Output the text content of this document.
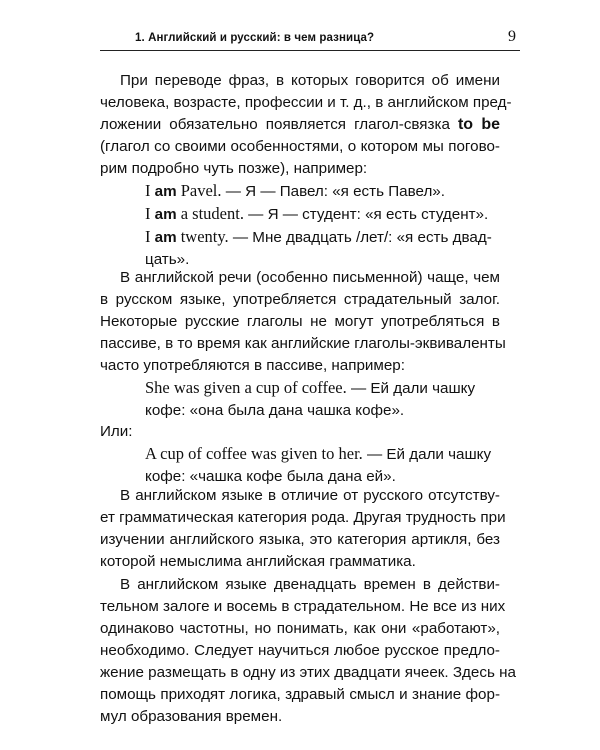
1. Английский и русский: в чем разница?	9
При переводе фраз, в которых говорится об имени
человека, возрасте, профессии и т. д., в английском пред-
ложении обязательно появляется глагол-связка to be
(глагол со своими особенностями, о котором мы погово-
рим подробно чуть позже), например:
I am Pavel. — Я — Павел: «я есть Павел».
I am a student. — Я — студент: «я есть студент».
I am twenty. — Мне двадцать /лет/: «я есть двад-
цать».
В английской речи (особенно письменной) чаще, чем
в русском языке, употребляется страдательный залог.
Некоторые русские глаголы не могут употребляться в
пассиве, в то время как английские глаголы-эквиваленты
часто употребляются в пассиве, например:
She was given a cup of coffee. — Ей дали чашку
кофе: «она была дана чашка кофе».
Или:
A cup of coffee was given to her. — Ей дали чашку
кофе: «чашка кофе была дана ей».
В английском языке в отличие от русского отсутству-
ет грамматическая категория рода. Другая трудность при
изучении английского языка, это категория артикля, без
которой немыслима английская грамматика.
В английском языке двенадцать времен в действи-
тельном залоге и восемь в страдательном. Не все из них
одинаково частотны, но понимать, как они «работают»,
необходимо. Следует научиться любое русское предло-
жение размещать в одну из этих двадцати ячеек. Здесь на
помощь приходят логика, здравый смысл и знание фор-
мул образования времен.
